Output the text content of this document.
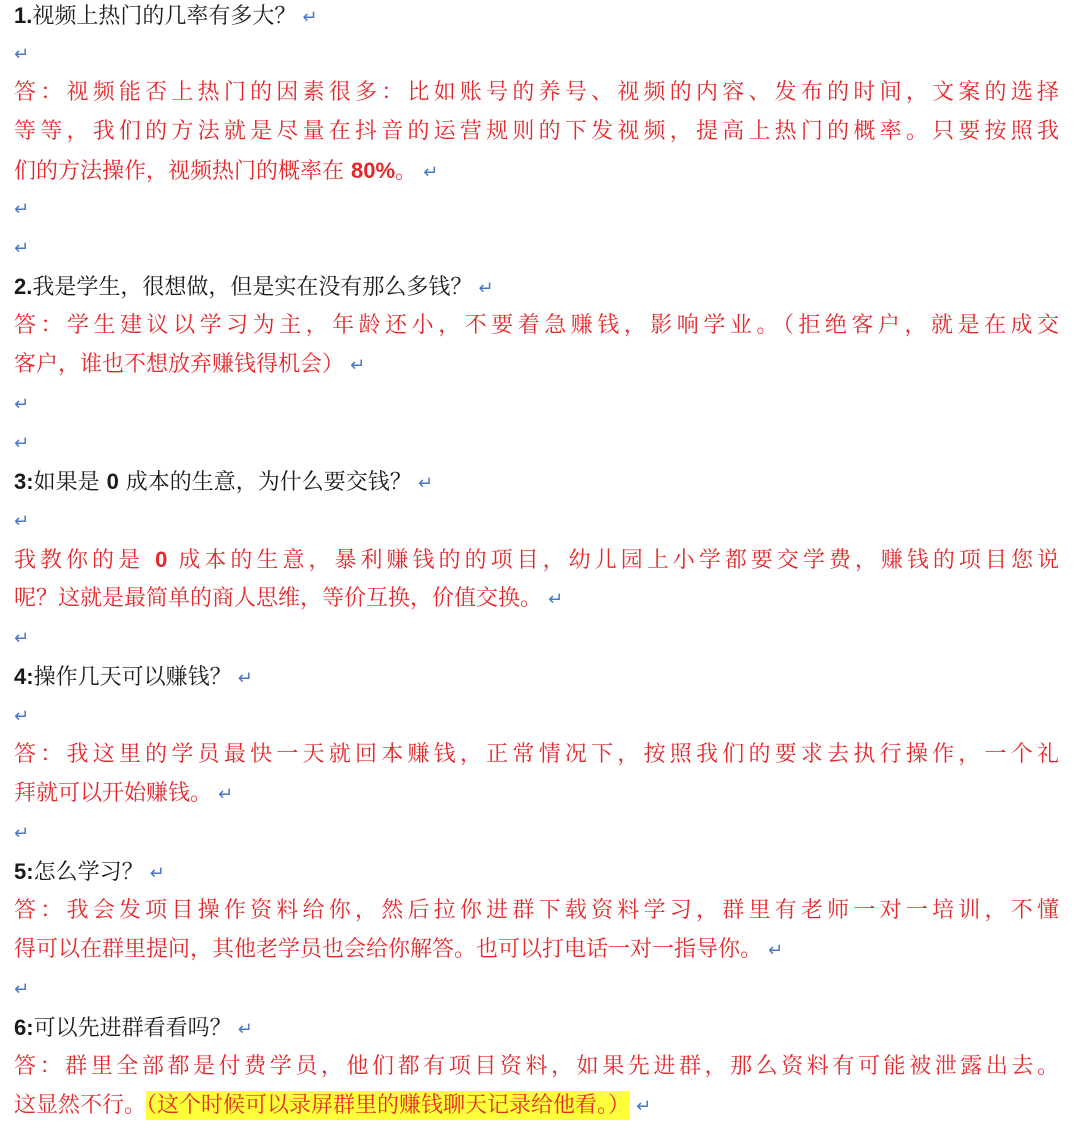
1.视频上热门的几率有多大？ ↵
↵
答：视频能否上热门的因素很多：比如账号的养号、视频的内容、发布的时间，文案的选择
等等，我们的方法就是尽量在抖音的运营规则的下发视频，提高上热门的概率。只要按照我
们的方法操作，视频热门的概率在 80%。 ↵
↵
↵
2.我是学生，很想做，但是实在没有那么多钱？ ↵
答：学生建议以学习为主，年龄还小，不要着急赚钱，影响学业。（拒绝客户，就是在成交
客户，谁也不想放弃赚钱得机会） ↵
↵
↵
3:如果是 0 成本的生意，为什么要交钱？ ↵
↵
我教你的是 0 成本的生意，暴利赚钱的的项目，幼儿园上小学都要交学费，赚钱的项目您说
呢？这就是最简单的商人思维，等价互换，价值交换。 ↵
↵
4:操作几天可以赚钱？ ↵
↵
答：我这里的学员最快一天就回本赚钱，正常情况下，按照我们的要求去执行操作，一个礼
拜就可以开始赚钱。 ↵
↵
5:怎么学习？ ↵
答：我会发项目操作资料给你，然后拉你进群下载资料学习，群里有老师一对一培训，不懂
得可以在群里提问，其他老学员也会给你解答。也可以打电话一对一指导你。 ↵
↵
6:可以先进群看看吗？ ↵
答：群里全部都是付费学员，他们都有项目资料，如果先进群，那么资料有可能被泄露出去。
这显然不行。（这个时候可以录屏群里的赚钱聊天记录给他看。） ↵
